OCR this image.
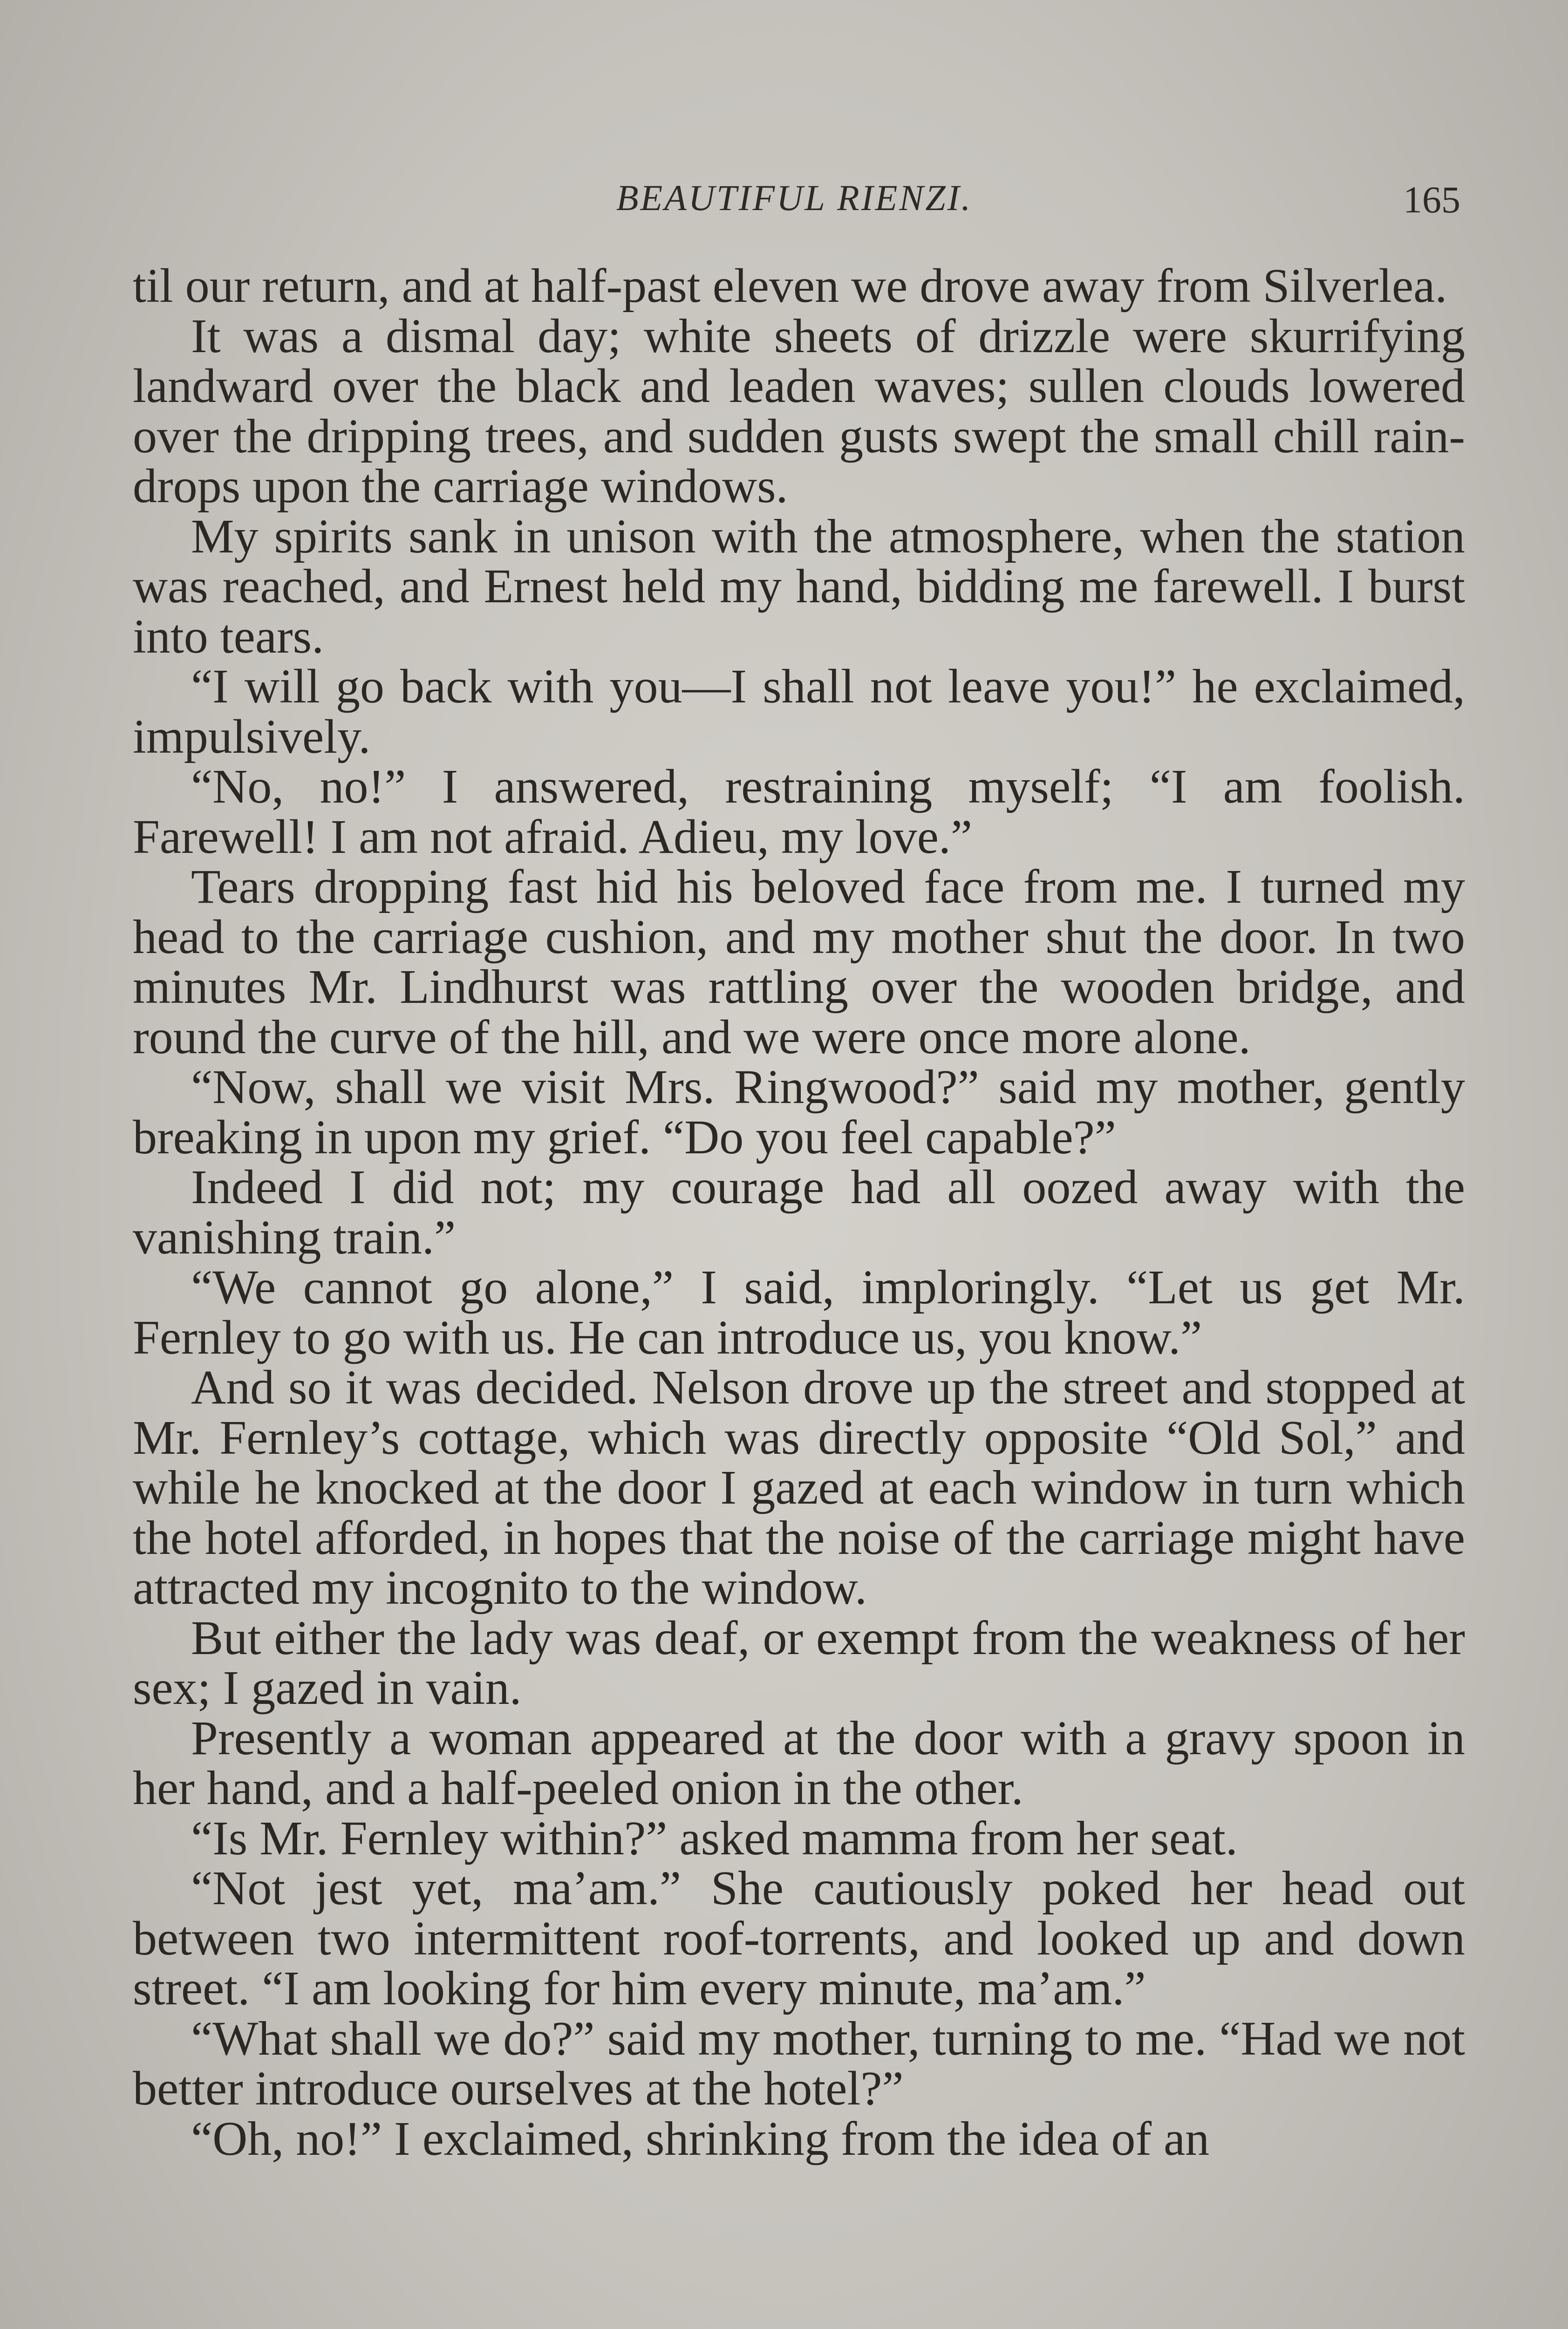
BEAUTIFUL RIENZI.	165

til our return, and at half-past eleven we drove away from Silverlea.

It was a dismal day; white sheets of drizzle were skurrifying landward over the black and leaden waves; sullen clouds lowered over the dripping trees, and sudden gusts swept the small chill rain-drops upon the carriage windows.

My spirits sank in unison with the atmosphere, when the station was reached, and Ernest held my hand, bidding me farewell. I burst into tears.

“I will go back with you—I shall not leave you!” he exclaimed, impulsively.

“No, no!” I answered, restraining myself; “I am foolish. Farewell! I am not afraid. Adieu, my love.”

Tears dropping fast hid his beloved face from me. I turned my head to the carriage cushion, and my mother shut the door. In two minutes Mr. Lindhurst was rattling over the wooden bridge, and round the curve of the hill, and we were once more alone.

“Now, shall we visit Mrs. Ringwood?” said my mother, gently breaking in upon my grief. “Do you feel capable?”

Indeed I did not; my courage had all oozed away with the vanishing train.”

“We cannot go alone,” I said, imploringly. “Let us get Mr. Fernley to go with us. He can introduce us, you know.”

And so it was decided. Nelson drove up the street and stopped at Mr. Fernley’s cottage, which was directly opposite “Old Sol,” and while he knocked at the door I gazed at each window in turn which the hotel afforded, in hopes that the noise of the carriage might have attracted my incognito to the window.

But either the lady was deaf, or exempt from the weakness of her sex; I gazed in vain.

Presently a woman appeared at the door with a gravy spoon in her hand, and a half-peeled onion in the other.

“Is Mr. Fernley within?” asked mamma from her seat.

“Not jest yet, ma’am.” She cautiously poked her head out between two intermittent roof-torrents, and looked up and down street. “I am looking for him every minute, ma’am.”

“What shall we do?” said my mother, turning to me. “Had we not better introduce ourselves at the hotel?”

“Oh, no!” I exclaimed, shrinking from the idea of an
